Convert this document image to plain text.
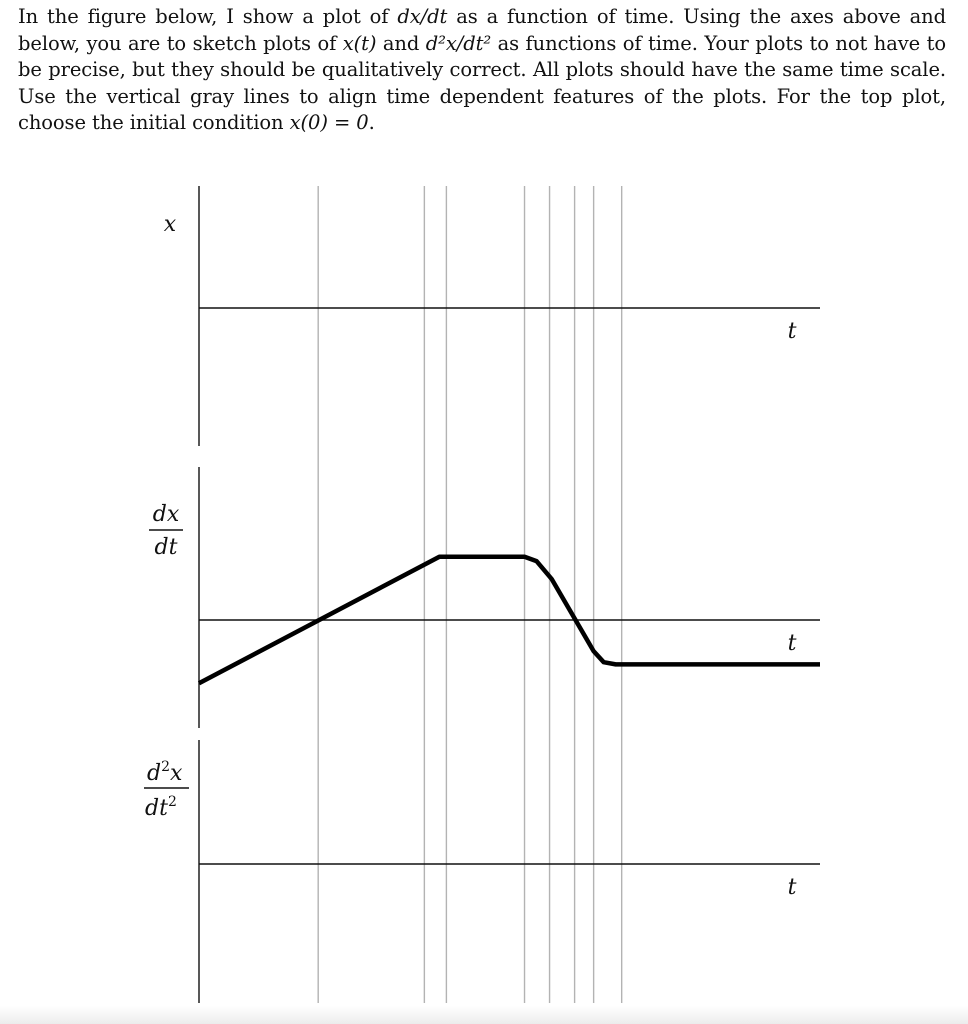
In the figure below, I show a plot of dx/dt as a function of time. Using the axes above and below, you are to sketch plots of x(t) and d²x/dt² as functions of time. Your plots to not have to be precise, but they should be qualitatively correct. All plots should have the same time scale. Use the vertical gray lines to align time dependent features of the plots. For the top plot, choose the initial condition x(0) = 0.
x
t
dx
dt
t
d2x
dt2
t
